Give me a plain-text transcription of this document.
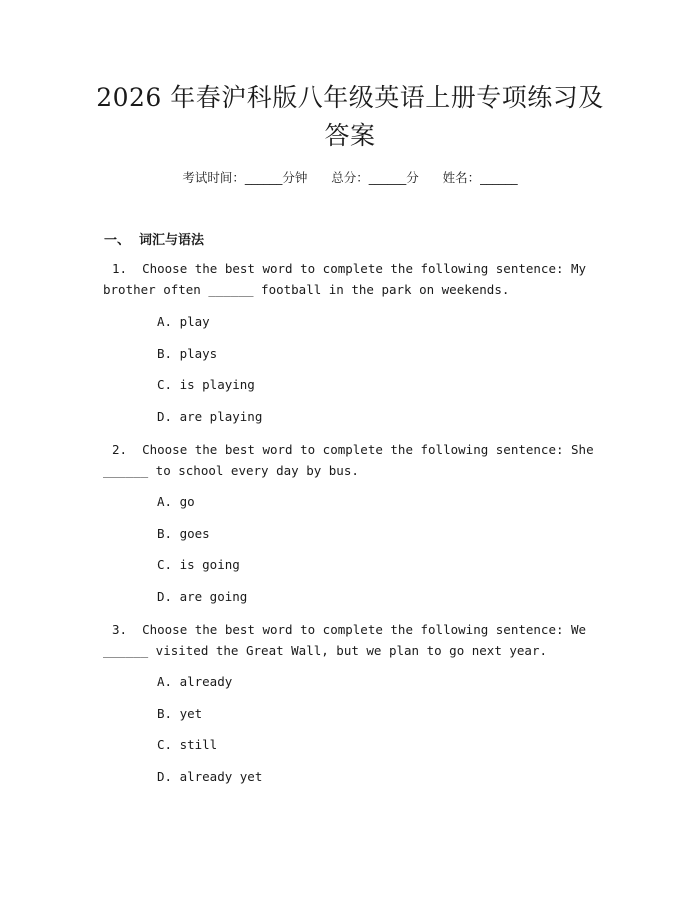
2026 年春沪科版八年级英语上册专项练习及
答案
考试时间：______分钟      总分：______分      姓名：______
一、  词汇与语法
1. Choose the best word to complete the following sentence: My
brother often ______ football in the park on weekends.
A. play
B. plays
C. is playing
D. are playing
2. Choose the best word to complete the following sentence: She
______ to school every day by bus.
A. go
B. goes
C. is going
D. are going
3. Choose the best word to complete the following sentence: We
______ visited the Great Wall, but we plan to go next year.
A. already
B. yet
C. still
D. already yet
